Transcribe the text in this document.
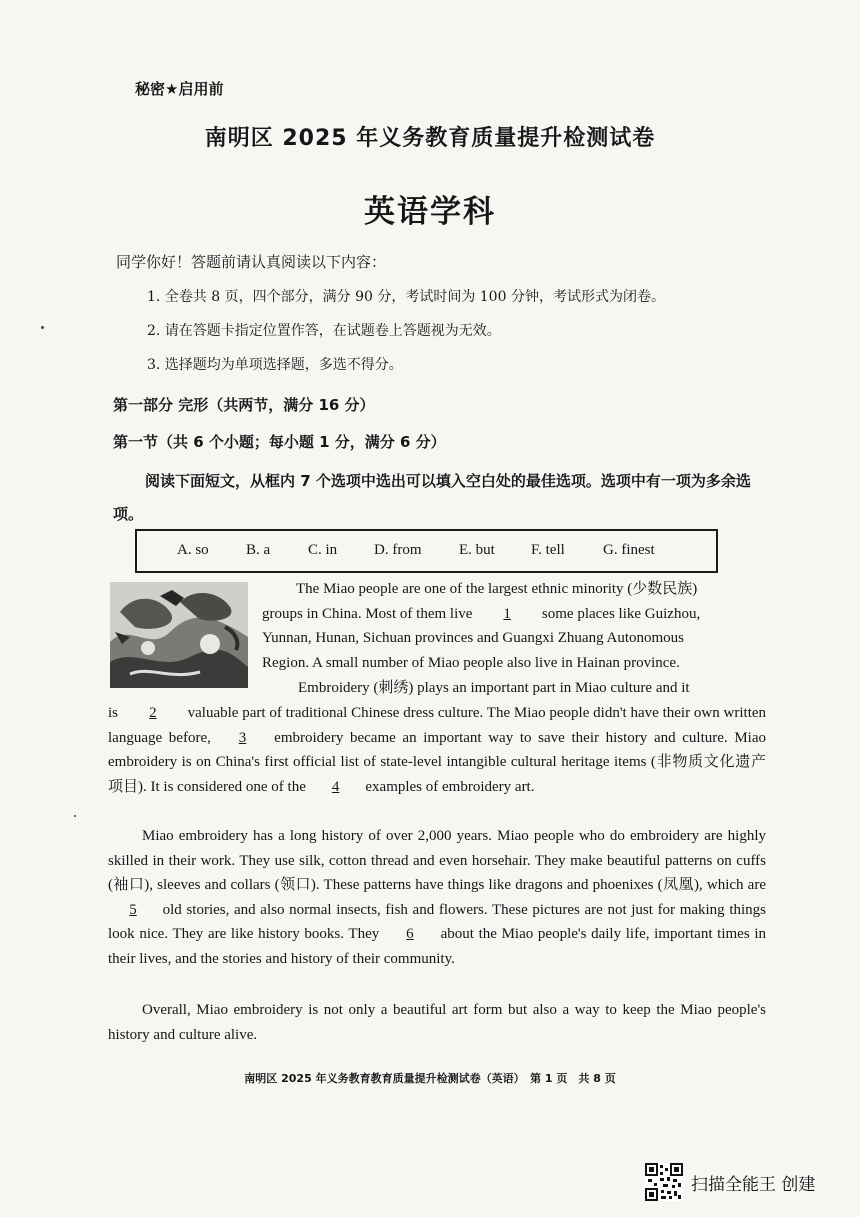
秘密★启用前
南明区 2025 年义务教育质量提升检测试卷
英语学科
同学你好！答题前请认真阅读以下内容：
1. 全卷共 8 页，四个部分，满分 90 分，考试时间为 100 分钟，考试形式为闭卷。
2. 请在答题卡指定位置作答，在试题卷上答题视为无效。
3. 选择题均为单项选择题，多选不得分。
第一部分 完形（共两节，满分 16 分）
第一节（共 6 个小题；每小题 1 分，满分 6 分）
阅读下面短文，从框内 7 个选项中选出可以填入空白处的最佳选项。选项中有一项为多余选项。
A. so B. a	C. in D. from	E. but F. tell	G. finest
The Miao people are one of the largest ethnic minority (少数民族)
groups in China. Most of them live 1 some places like Guizhou,
Yunnan, Hunan, Sichuan provinces and Guangxi Zhuang Autonomous
Region. A small number of Miao people also live in Hainan province.
Embroidery (刺绣) plays an important part in Miao culture and it
is 2 valuable part of traditional Chinese dress culture. The Miao people didn't have their own written language before, 3 embroidery became an important way to save their history and culture. Miao embroidery is on China's first official list of state-level intangible cultural heritage items (非物质文化遗产项目). It is considered one of the 4 examples of embroidery art.
Miao embroidery has a long history of over 2,000 years. Miao people who do embroidery are highly skilled in their work. They use silk, cotton thread and even horsehair. They make beautiful patterns on cuffs (袖口), sleeves and collars (领口). These patterns have things like dragons and phoenixes (凤凰), which are 5 old stories, and also normal insects, fish and flowers. These pictures are not just for making things look nice. They are like history books. They 6 about the Miao people's daily life, important times in their lives, and the stories and history of their community.
Overall, Miao embroidery is not only a beautiful art form but also a way to keep the Miao people's history and culture alive.
南明区 2025 年义务教育教育质量提升检测试卷（英语）　第 1 页　共 8 页
扫描全能王 创建
